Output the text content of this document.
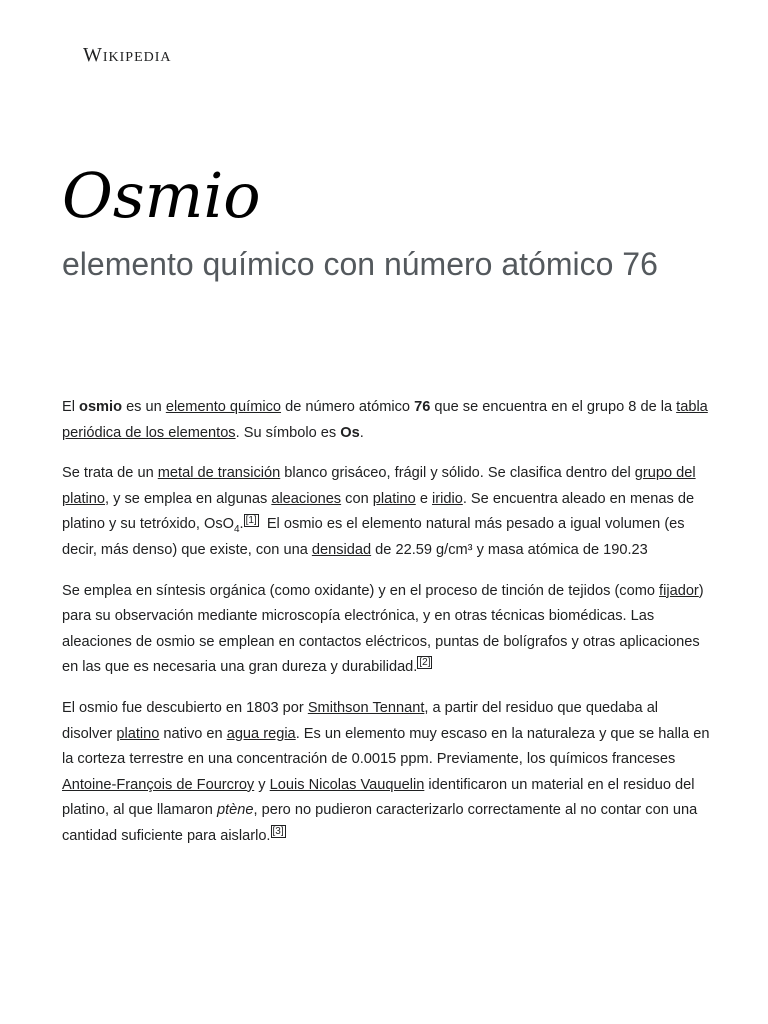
Wikipedia
Osmio
elemento químico con número atómico 76

El osmio es un elemento químico de número atómico 76 que se encuentra en el grupo 8 de la tabla periódica de los elementos. Su símbolo es Os.

Se trata de un metal de transición blanco grisáceo, frágil y sólido. Se clasifica dentro del grupo del platino, y se emplea en algunas aleaciones con platino e iridio. Se encuentra aleado en menas de platino y su tetróxido, OsO$_4$. [1]  El osmio es el elemento natural más pesado a igual volumen (es decir, más denso) que existe, con una densidad de 22.59 g/cm³ y masa atómica de 190.23

Se emplea en síntesis orgánica (como oxidante) y en el proceso de tinción de tejidos (como fijador) para su observación mediante microscopía electrónica, y en otras técnicas biomédicas. Las aleaciones de osmio se emplean en contactos eléctricos, puntas de bolígrafos y otras aplicaciones en las que es necesaria una gran dureza y durabilidad. [2]

El osmio fue descubierto en 1803 por Smithson Tennant, a partir del residuo que quedaba al disolver platino nativo en agua regia. Es un elemento muy escaso en la naturaleza y que se halla en la corteza terrestre en una concentración de 0.0015 ppm. Previamente, los químicos franceses Antoine-François de Fourcroy y Louis Nicolas Vauquelin identificaron un material en el residuo del platino, al que llamaron ptène, pero no pudieron caracterizarlo correctamente al no contar con una cantidad suficiente para aislarlo. [3]
